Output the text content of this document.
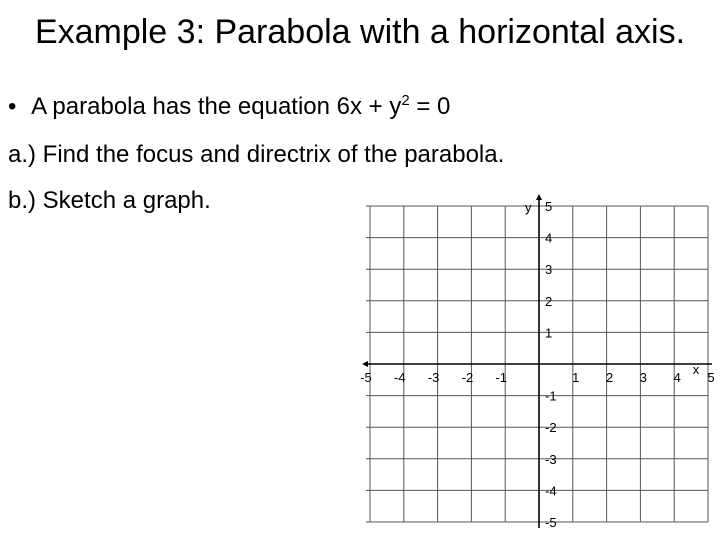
Example 3: Parabola with a horizontal axis.
• A parabola has the equation $6x + y^2 = 0$
a.) Find the focus and directrix of the parabola.
b.) Sketch a graph.
-5 -4 -3 -2 -1	1 2 3 4 5
5
4
3
2
1
-1
-2
-3
-4
-5
x
y
